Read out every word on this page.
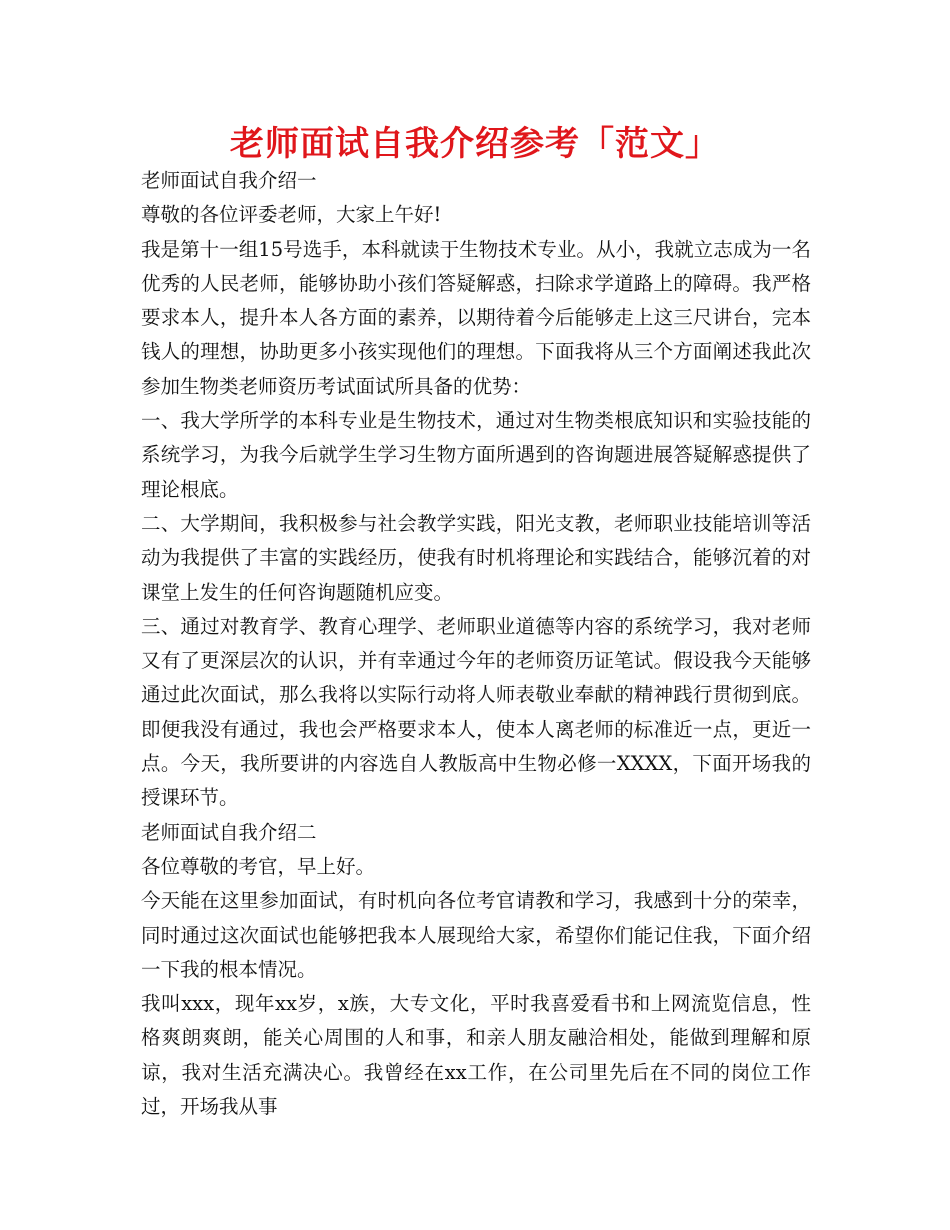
老师面试自我介绍参考「范文」

老师面试自我介绍一

尊敬的各位评委老师，大家上午好!

我是第十一组15号选手，本科就读于生物技术专业。从小，我就立志成为一名优秀的人民老师，能够协助小孩们答疑解惑，扫除求学道路上的障碍。我严格要求本人，提升本人各方面的素养，以期待着今后能够走上这三尺讲台，完本钱人的理想，协助更多小孩实现他们的理想。下面我将从三个方面阐述我此次参加生物类老师资历考试面试所具备的优势：

一、我大学所学的本科专业是生物技术，通过对生物类根底知识和实验技能的系统学习，为我今后就学生学习生物方面所遇到的咨询题进展答疑解惑提供了理论根底。

二、大学期间，我积极参与社会教学实践，阳光支教，老师职业技能培训等活动为我提供了丰富的实践经历，使我有时机将理论和实践结合，能够沉着的对课堂上发生的任何咨询题随机应变。

三、通过对教育学、教育心理学、老师职业道德等内容的系统学习，我对老师又有了更深层次的认识，并有幸通过今年的老师资历证笔试。假设我今天能够通过此次面试，那么我将以实际行动将人师表敬业奉献的精神践行贯彻到底。即便我没有通过，我也会严格要求本人，使本人离老师的标准近一点，更近一点。今天，我所要讲的内容选自人教版高中生物必修一XXXX，下面开场我的授课环节。

老师面试自我介绍二

各位尊敬的考官，早上好。

今天能在这里参加面试，有时机向各位考官请教和学习，我感到十分的荣幸，同时通过这次面试也能够把我本人展现给大家，希望你们能记住我，下面介绍一下我的根本情况。

我叫xxx，现年xx岁，x族，大专文化，平时我喜爱看书和上网流览信息，性格爽朗爽朗，能关心周围的人和事，和亲人朋友融洽相处，能做到理解和原谅，我对生活充满决心。我曾经在xx工作，在公司里先后在不同的岗位工作过，开场我从事
